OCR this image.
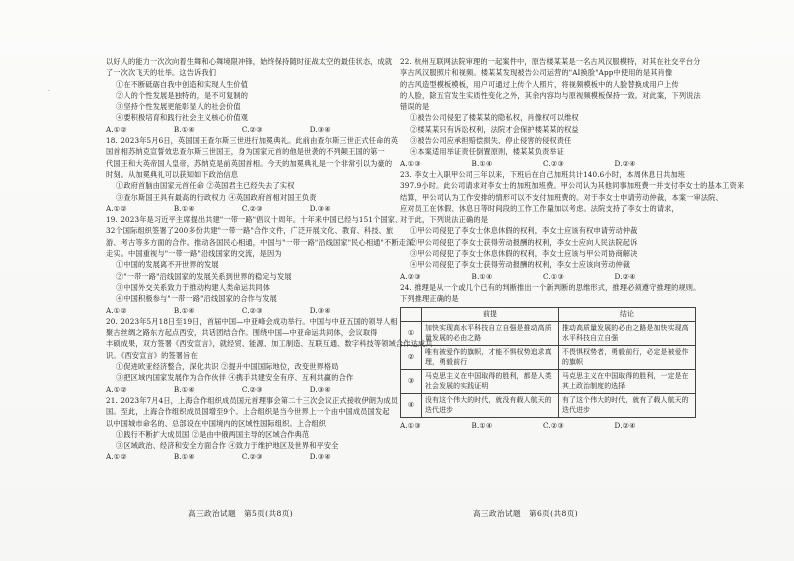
·
以好人的能力一次次向着生舞和心舞境限冲锋，始终保持随时征战太空的最佳状态，成就
了一次次飞天的壮举。这告诉我们
①在不断砥砺自我中创造和实现人生价值
②人的个性发展是独特的，是不可复制的
③坚持个性发展更能彰显人的社会价值
④要积极培育和践行社会主义核心价值观
A.①②	B.①④	C.②③	D.③④
18. 2023年5月6日，英国国王查尔斯三世进行加冕典礼。此前由查尔斯三世正式任命的英
国首相苏纳克宣誓效忠查尔斯三世国王，身为国家元首的他是世袭的不列颠王国的第一
代国王和大英帝国人皇帝，苏纳克是前英国首相。今天的加冕典礼是一个非常引以为豪的
时刻。从加冕典礼可以获知如下政治信息
①政府首脑由国家元首任命 ②英国君主已经失去了实权
③查尔斯国王具有最高的行政权力 ④英国政府首相对国王负责
A.①②	B.①④	C.②③	D.③④
19. 2023年是习近平主席提出共建"一带一路"倡议十周年。十年来中国已经与151个国家、
32个国际组织签署了200多份共建"一带一路"合作文件，广泛开展文化、教育、科技、旅
游、考古等多方面的合作。推动各国民心相通，中国与"一带一路"沿线国家"民心相通"不断走深
走实。中国重视与"一带一路"沿线国家的交流，是因为
①中国的发展离不开世界的发展
②"一带一路"沿线国家的发展关系到世界的稳定与发展
③中国外交关系致力于推动构建人类命运共同体
④中国积极参与"一带一路"沿线国家的合作与发展
A.①②	B.①④	C.②③	D.③④
20. 2023年5月18日至19日，首届中国—中亚峰会成功举行。中国与中亚五国的领导人相
聚古丝绸之路东方起点西安，共话团结合作。围绕中国—中亚命运共同体，会议取得
丰硕成果，双方签署《西安宣言》，就经贸、能源、加工制造、互联互通、数字科技等领域合作达成共
识。《西安宣言》的签署旨在
①促进欧亚经济整合，深化共识 ②提升中国国际地位，改变世界格局
③把区域内国家发展作为合作伙伴 ④携手共建安全有序、互利共赢的合作
A.①②	B.①④	C.②③	D.③④
21. 2023年7月4日，上海合作组织成员国元首理事会第二十三次会议正式接收伊朗为成员
国。至此，上海合作组织成员国增至9个。上合组织是当今世界上一个由中国成员国发起
以中国城市命名的、总部设在中国境内的区域性国际组织。上合组织
①践行不断扩大成员国 ②是由中俄两国主导的区域合作典范
③区域政治、经济和安全方面合作 ④致力于维护地区及世界和平安全
A.①②	B.①④	C.②③	D.③④
22. 杭州互联网法院审理的一起案件中，原告楼某某是一名古风汉服模特，对其在社交平台分
享古风汉服照片和视频。楼某某发现被告公司运营的"AI换脸"App中使用的是其肖像
的古风造型模板模板，用户可通过上传个人照片，将视频模板中的人脸替换成用户上传
的人脸，除五官发生实质性变化之外，其余内容均与原视频模板保持一致。对此案，下列说法
错误的是
①被告公司侵犯了楼某某的隐私权，肖像权可以维权
②楼某某只有诉讼权利，法院才会保护楼某某的权益
③被告公司应承担赔偿损失、停止侵害的侵权责任
④本案适用举证责任倒置原则，楼某某负责举证
A.①③	B.①④	C.②③	D.②④
23. 李女士入职甲公司三年以来，下班后在自己加班共计140.6小时，本周休息日共加班
397.9小时。此公司请求对李女士的加班加班费。甲公司认为其他同事加班费一并支付李女士的基本工资来
结算，甲公司认为工作安排的情形可以不支付加班费的。对于李女士申请劳动仲裁，本案一审法院、
应对员工在休假、休息日等时间段的工作工作量加以考虑。法院支持了李女士的请求，
对于此，下列说法正确的是
①甲公司侵犯了李女士休息休假的权利，李女士应该有权申请劳动仲裁
②甲公司侵犯了李女士获得劳动报酬的权利，李女士应向人民法院起诉
③甲公司侵犯了李女士休息休假的权利，李女士应该与甲公司协商解决
④甲公司侵犯了李女士获得劳动报酬的权利，李女士应该向劳动仲裁
A.②③	B.①④	C.①③	D.②④
24. 推理是从一个或几个已有的判断推出一个新判断的思维形式，推理必须遵守推理的规则。
下列推理正确的是
	前提	结论
①	加快实现高水平科技自立自强是推动高质量发展的必由之路	推动高质量发展的必由之路是加快实现高水平科技自立自强
②	唯有被爱作的旗帜，才能不惧权势追求真理，勇毅前行	不畏惧权势者，勇毅前行，必定是被爱作的旗帜
③	马克思主义在中国取得的胜利，都是人类社会发展的实践证明	马克思主义在中国取得的胜利，一定是在其上政治制度的选择
④	没有这个伟大的时代，就没有载人航天的迭代进步	有了这个伟大的时代，就有了载人航天的迭代进步
A.①③	B.①④	C.②③	D.②④
高三政治试题　第5页(共8页)	高三政治试题　第6页(共8页)
